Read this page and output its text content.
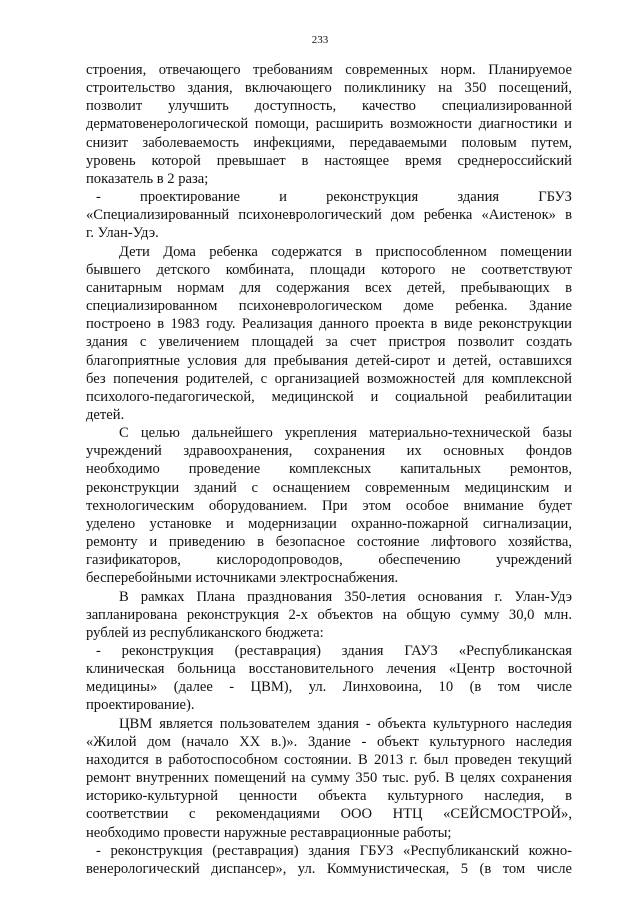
233

строения, отвечающего требованиям современных норм. Планируемое

строительство здания, включающего поликлинику на 350 посещений,

позволит улучшить доступность, качество специализированной

дерматовенерологической помощи, расширить возможности диагностики и

снизит заболеваемость инфекциями, передаваемыми половым путем,

уровень которой превышает в настоящее время среднероссийский

показатель в 2 раза;

- проектирование и реконструкция здания ГБУЗ

«Специализированный психоневрологический дом ребенка «Аистенок» в

г. Улан-Удэ.

Дети Дома ребенка содержатся в приспособленном помещении

бывшего детского комбината, площади которого не соответствуют

санитарным нормам для содержания всех детей, пребывающих в

специализированном психоневрологическом доме ребенка. Здание

построено в 1983 году. Реализация данного проекта в виде реконструкции

здания с увеличением площадей за счет пристроя позволит создать

благоприятные условия для пребывания детей-сирот и детей, оставшихся

без попечения родителей, с организацией возможностей для комплексной

психолого-педагогической, медицинской и социальной реабилитации

детей.

С целью дальнейшего укрепления материально-технической базы

учреждений здравоохранения, сохранения их основных фондов

необходимо проведение комплексных капитальных ремонтов,

реконструкции зданий с оснащением современным медицинским и

технологическим оборудованием. При этом особое внимание будет

уделено установке и модернизации охранно-пожарной сигнализации,

ремонту и приведению в безопасное состояние лифтового хозяйства,

газификаторов, кислородопроводов, обеспечению учреждений

бесперебойными источниками электроснабжения.

В рамках Плана празднования 350-летия основания г. Улан-Удэ

запланирована реконструкция 2-х объектов на общую сумму 30,0 млн.

рублей из республиканского бюджета:

- реконструкция (реставрация) здания ГАУЗ «Республиканская

клиническая больница восстановительного лечения «Центр восточной

медицины» (далее - ЦВМ), ул. Линховоина, 10 (в том числе

проектирование).

ЦВМ является пользователем здания - объекта культурного наследия

«Жилой дом (начало XX в.)». Здание - объект культурного наследия

находится в работоспособном состоянии. В 2013 г. был проведен текущий

ремонт внутренних помещений на сумму 350 тыс. руб. В целях сохранения

историко-культурной ценности объекта культурного наследия, в

соответствии с рекомендациями ООО НТЦ «СЕЙСМОСТРОЙ»,

необходимо провести наружные реставрационные работы;

- реконструкция (реставрация) здания ГБУЗ «Республиканский кожно-

венерологический диспансер», ул. Коммунистическая, 5 (в том числе
